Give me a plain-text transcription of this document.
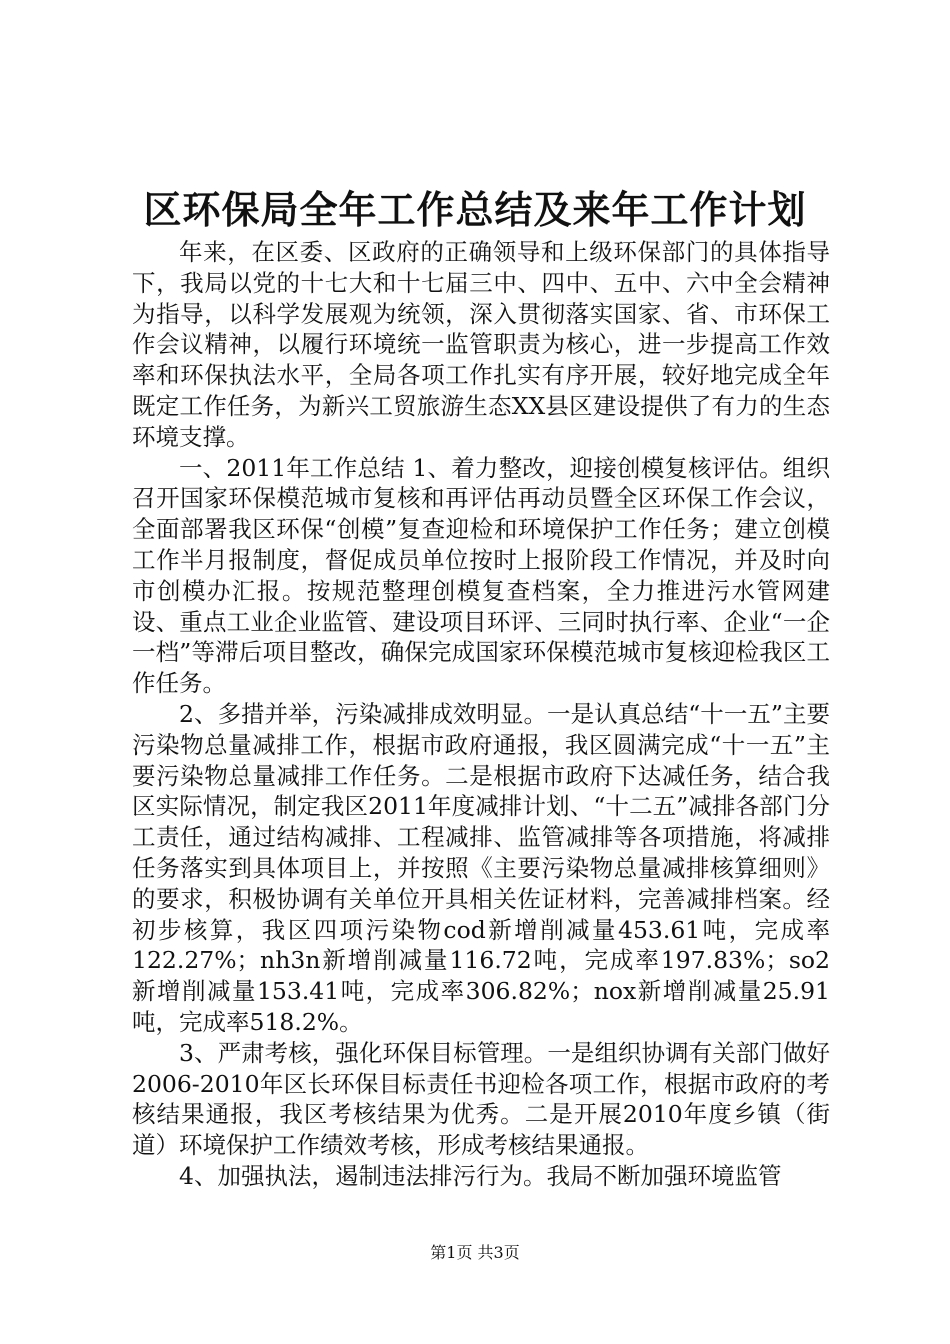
区环保局全年工作总结及来年工作计划

年来，在区委、区政府的正确领导和上级环保部门的具体指导下，我局以党的十七大和十七届三中、四中、五中、六中全会精神为指导，以科学发展观为统领，深入贯彻落实国家、省、市环保工作会议精神，以履行环境统一监管职责为核心，进一步提高工作效率和环保执法水平，全局各项工作扎实有序开展，较好地完成全年既定工作任务，为新兴工贸旅游生态XX县区建设提供了有力的生态环境支撑。

一、2011年工作总结 1、着力整改，迎接创模复核评估。组织召开国家环保模范城市复核和再评估再动员暨全区环保工作会议，全面部署我区环保“创模”复查迎检和环境保护工作任务；建立创模工作半月报制度，督促成员单位按时上报阶段工作情况，并及时向市创模办汇报。按规范整理创模复查档案，全力推进污水管网建设、重点工业企业监管、建设项目环评、三同时执行率、企业“一企一档”等滞后项目整改，确保完成国家环保模范城市复核迎检我区工作任务。

2、多措并举，污染减排成效明显。一是认真总结“十一五”主要污染物总量减排工作，根据市政府通报，我区圆满完成“十一五”主要污染物总量减排工作任务。二是根据市政府下达减任务，结合我区实际情况，制定我区2011年度减排计划、“十二五”减排各部门分工责任，通过结构减排、工程减排、监管减排等各项措施，将减排任务落实到具体项目上，并按照《主要污染物总量减排核算细则》的要求，积极协调有关单位开具相关佐证材料，完善减排档案。经初步核算，我区四项污染物cod新增削减量453.61吨，完成率122.27%；nh3n新增削减量116.72吨，完成率197.83%；so2新增削减量153.41吨，完成率306.82%；nox新增削减量25.91吨，完成率518.2%。

3、严肃考核，强化环保目标管理。一是组织协调有关部门做好2006-2010年区长环保目标责任书迎检各项工作，根据市政府的考核结果通报，我区考核结果为优秀。二是开展2010年度乡镇（街道）环境保护工作绩效考核，形成考核结果通报。

4、加强执法，遏制违法排污行为。我局不断加强环境监管

第1页 共3页
